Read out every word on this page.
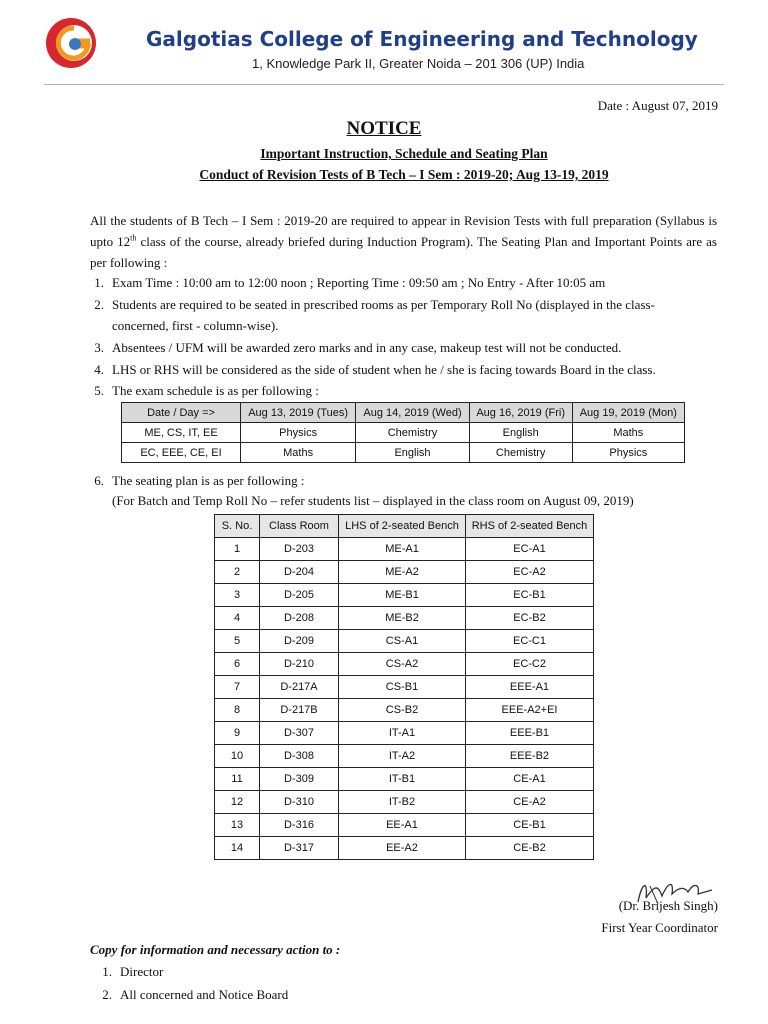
Galgotias College of Engineering and Technology
1, Knowledge Park II, Greater Noida – 201 306 (UP) India
Date : August 07, 2019
NOTICE
Important Instruction, Schedule and Seating Plan
Conduct of Revision Tests of B Tech – I Sem : 2019-20; Aug 13-19, 2019
All the students of B Tech – I Sem : 2019-20 are required to appear in Revision Tests with full preparation (Syllabus is upto 12th class of the course, already briefed during Induction Program). The Seating Plan and Important Points are as per following :
1. Exam Time : 10:00 am to 12:00 noon ; Reporting Time : 09:50 am ; No Entry - After 10:05 am
2. Students are required to be seated in prescribed rooms as per Temporary Roll No (displayed in the class-
concerned, first - column-wise).
3. Absentees / UFM will be awarded zero marks and in any case, makeup test will not be conducted.
4. LHS or RHS will be considered as the side of student when he / she is facing towards Board in the class.
5. The exam schedule is as per following :
Date / Day =>	Aug 13, 2019 (Tues)	Aug 14, 2019 (Wed)	Aug 16, 2019 (Fri)	Aug 19, 2019 (Mon)
ME, CS, IT, EE	Physics	Chemistry	English	Maths
EC, EEE, CE, EI	Maths	English	Chemistry	Physics
6. The seating plan is as per following :
(For Batch and Temp Roll No – refer students list – displayed in the class room on August 09, 2019)
S. No.	Class Room	LHS of 2-seated Bench	RHS of 2-seated Bench
1	D-203	ME-A1	EC-A1
2	D-204	ME-A2	EC-A2
3	D-205	ME-B1	EC-B1
4	D-208	ME-B2	EC-B2
5	D-209	CS-A1	EC-C1
6	D-210	CS-A2	EC-C2
7	D-217A	CS-B1	EEE-A1
8	D-217B	CS-B2	EEE-A2+EI
9	D-307	IT-A1	EEE-B1
10	D-308	IT-A2	EEE-B2
11	D-309	IT-B1	CE-A1
12	D-310	IT-B2	CE-A2
13	D-316	EE-A1	CE-B1
14	D-317	EE-A2	CE-B2
(Dr. Brijesh Singh)
First Year Coordinator
Copy for information and necessary action to :
1. Director
2. All concerned and Notice Board
